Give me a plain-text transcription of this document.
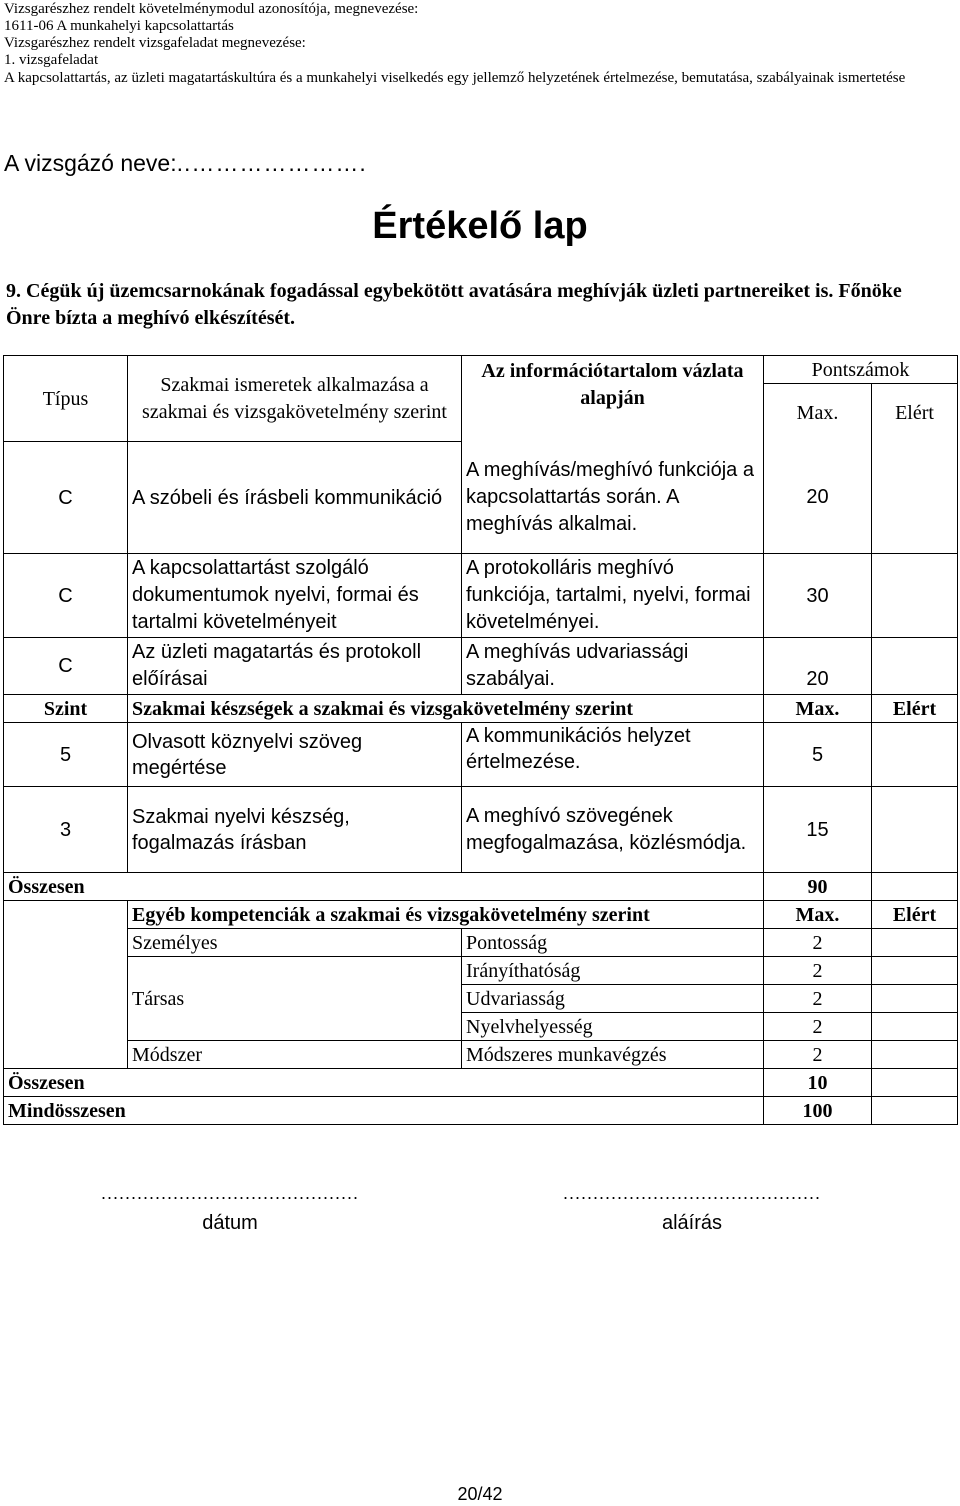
Vizsgarészhez rendelt követelménymodul azonosítója, megnevezése:
1611-06 A munkahelyi kapcsolattartás
Vizsgarészhez rendelt vizsgafeladat megnevezése:
1. vizsgafeladat
A kapcsolattartás, az üzleti magatartáskultúra és a munkahelyi viselkedés egy jellemző helyzetének értelmezése, bemutatása, szabályainak ismertetése
A vizsgázó neve:..………………….
Értékelő lap
9. Cégük új üzemcsarnokának fogadással egybekötött avatására meghívják üzleti partnereiket is. Főnöke Önre bízta a meghívó elkészítését.
Típus	Szakmai ismeretek alkalmazása a szakmai és vizsgakövetelmény szerint	Az információtartalom vázlata alapján	Pontszámok	
			Max.	Elért
C	A szóbeli és írásbeli kommunikáció	A meghívás/meghívó funkciója a kapcsolattartás során. A meghívás alkalmai.	20	
C	A kapcsolattartást szolgáló dokumentumok nyelvi, formai és tartalmi követelményeit	A protokolláris meghívó funkciója, tartalmi, nyelvi, formai követelményei.	30	
C	Az üzleti magatartás és protokoll előírásai	A meghívás udvariassági szabályai.	20	
Szint	Szakmai készségek a szakmai és vizsgakövetelmény szerint		Max.	Elért
5	Olvasott köznyelvi szöveg megértése	A kommunikációs helyzet értelmezése.	5	
3	Szakmai nyelvi készség, fogalmazás írásban	A meghívó szövegének megfogalmazása, közlésmódja.	15	
Összesen			90	
	Egyéb kompetenciák a szakmai és vizsgakövetelmény szerint		Max.	Elért
	Személyes	Pontosság	2	
	Társas	Irányíthatóság	2	
		Udvariasság	2	
		Nyelvhelyesség	2	
	Módszer	Módszeres munkavégzés	2	
Összesen			10	
Mindösszesen			100	
...........................................
dátum
...........................................
aláírás
20/42
